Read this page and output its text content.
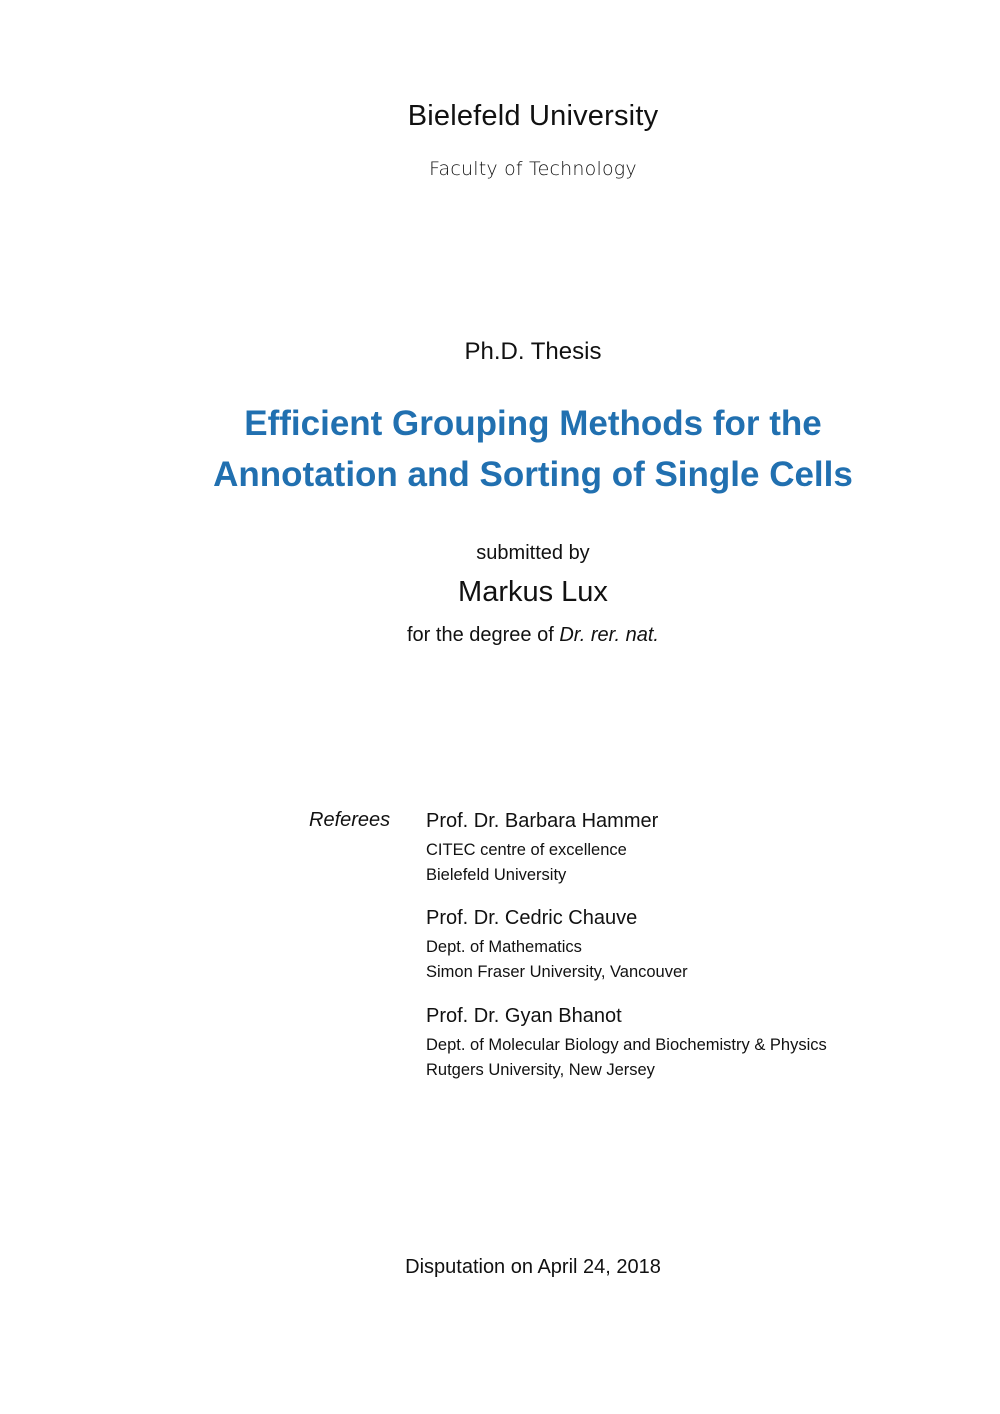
Bielefeld University
Faculty of Technology
Ph.D. Thesis
Efficient Grouping Methods for the
Annotation and Sorting of Single Cells
submitted by
Markus Lux
for the degree of Dr. rer. nat.
Referees Prof. Dr. Barbara Hammer
CITEC centre of excellence
Bielefeld University
Prof. Dr. Cedric Chauve
Dept. of Mathematics
Simon Fraser University, Vancouver
Prof. Dr. Gyan Bhanot
Dept. of Molecular Biology and Biochemistry & Physics
Rutgers University, New Jersey
Disputation on April 24, 2018
